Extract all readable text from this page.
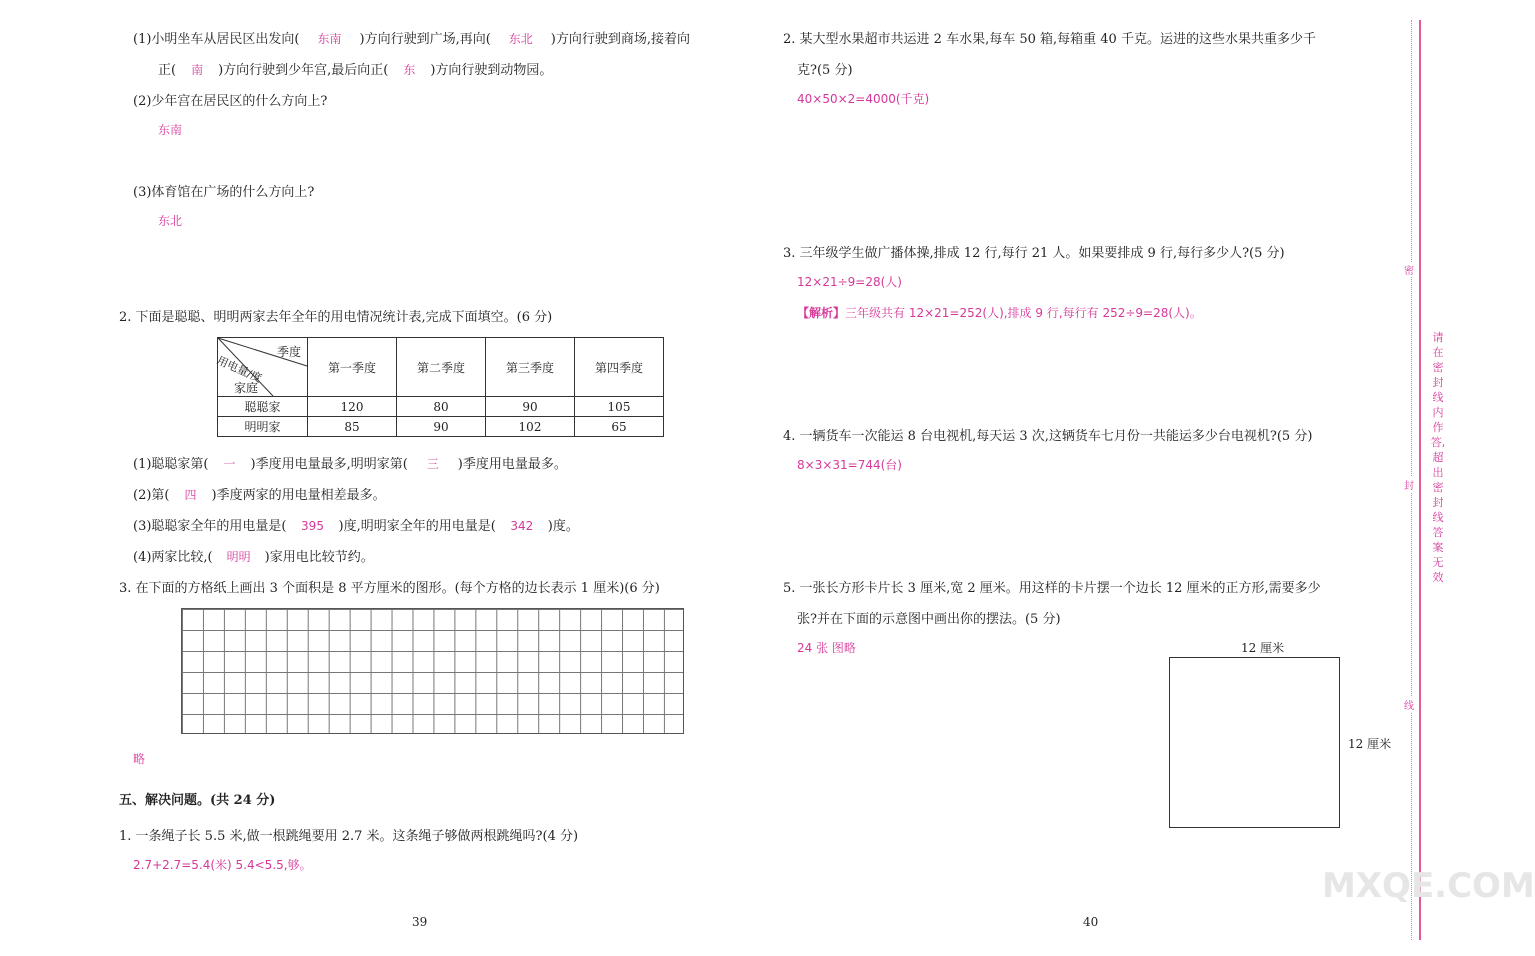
(1)小明坐车从居民区出发向( 东南 )方向行驶到广场,再向( 东北 )方向行驶到商场,接着向
正( 南 )方向行驶到少年宫,最后向正( 东 )方向行驶到动物园。
(2)少年宫在居民区的什么方向上?
东南
(3)体育馆在广场的什么方向上?
东北
2. 下面是聪聪、明明两家去年全年的用电情况统计表,完成下面填空。(6 分)
季度
用电量/度
家庭	第一季度	第二季度	第三季度	第四季度
聪聪家	120	80	90	105
明明家	85	90	102	65
(1)聪聪家第( 一 )季度用电量最多,明明家第( 三 )季度用电量最多。
(2)第( 四 )季度两家的用电量相差最多。
(3)聪聪家全年的用电量是( 395 )度,明明家全年的用电量是( 342 )度。
(4)两家比较,( 明明 )家用电比较节约。
3. 在下面的方格纸上画出 3 个面积是 8 平方厘米的图形。(每个方格的边长表示 1 厘米)(6 分)
略
五、解决问题。(共 24 分)
1. 一条绳子长 5.5 米,做一根跳绳要用 2.7 米。这条绳子够做两根跳绳吗?(4 分)
2.7+2.7=5.4(米) 5.4<5.5,够。
39
2. 某大型水果超市共运进 2 车水果,每车 50 箱,每箱重 40 千克。运进的这些水果共重多少千
克?(5 分)
40×50×2=4000(千克)
3. 三年级学生做广播体操,排成 12 行,每行 21 人。如果要排成 9 行,每行多少人?(5 分)
12×21÷9=28(人)
【解析】三年级共有 12×21=252(人),排成 9 行,每行有 252÷9=28(人)。
4. 一辆货车一次能运 8 台电视机,每天运 3 次,这辆货车七月份一共能运多少台电视机?(5 分)
8×3×31=744(台)
5. 一张长方形卡片长 3 厘米,宽 2 厘米。用这样的卡片摆一个边长 12 厘米的正方形,需要多少
张?并在下面的示意图中画出你的摆法。(5 分)
24 张 图略	12 厘米
12 厘米
40
密
封
线
请在密封线内作答,超出密封线答案无效
MXQE.COM
